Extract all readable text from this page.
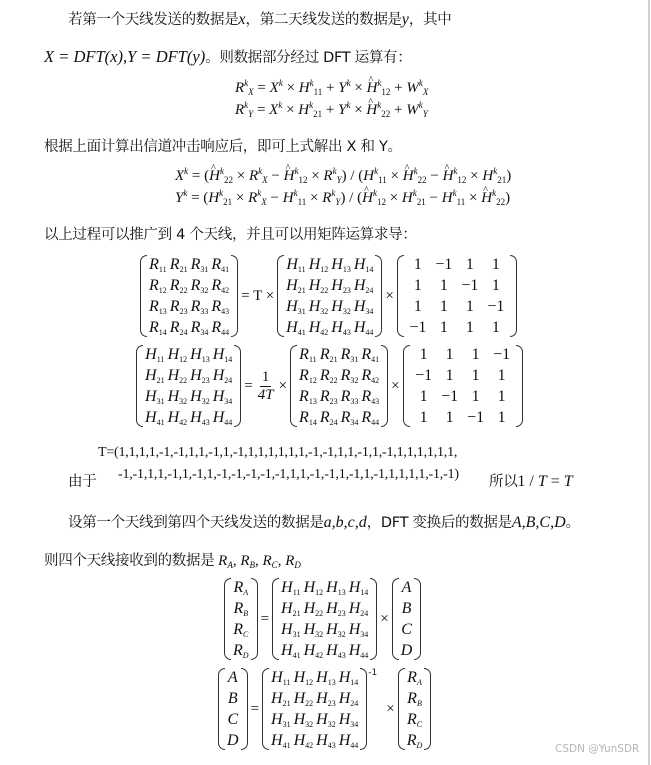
若第一个天线发送的数据是x，第二天线发送的数据是y，其中
X = DFT(x),Y = DFT(y)。则数据部分经过 DFT 运算有：
$R^k_X = X^k \times H^k_{11} + Y^k$ × ^ $H^k_{12} + W^k_X$
$R^k_Y = X^k \times H^k_{21} + Y^k$ × ^ $H^k_{22} + W^k_Y$
根据上面计算出信道冲击响应后，即可上式解出 X 和 Y。
$X^k$ = (^ $H^k_{22} \times R^k_X$ − ^ $H^k_{12} \times R^k_Y) / (H^k_{11}$ × ^ $H^k_{22}$ − ^ $H^k_{12} \times H^k_{21}$)
$Y^k = (H^k_{21} \times R^k_X - H^k_{11} \times R^k_Y)$ / (^ $H^k_{12} \times H^k_{21} - H^k_{11}$ × ^ $H^k_{22}$)
以上过程可以推广到 4 个天线，并且可以用矩阵运算求导：
$R_{11}$ $R_{21}$ $R_{31}$ $R_{41}$
$R_{12}$ $R_{22}$ $R_{32}$ $R_{42}$
$R_{13}$ $R_{23}$ $R_{33}$ $R_{43}$
$R_{14}$ $R_{24}$ $R_{34}$ $R_{44}$
= T ×
$H_{11}$ $H_{12}$ $H_{13}$ $H_{14}$
$H_{21}$ $H_{22}$ $H_{23}$ $H_{24}$
$H_{31}$ $H_{32}$ $H_{32}$ $H_{34}$
$H_{41}$ $H_{42}$ $H_{43}$ $H_{44}$
×
1 −1 1	1
1	1 −1 1
1	1	1 −1
−1 1	1	1
$H_{11}$ $H_{12}$ $H_{13}$ $H_{14}$
$H_{21}$ $H_{22}$ $H_{23}$ $H_{24}$
$H_{31}$ $H_{32}$ $H_{32}$ $H_{34}$
$H_{41}$ $H_{42}$ $H_{43}$ $H_{44}$
= $\frac{1}{4T}$ ×
$R_{11}$ $R_{21}$ $R_{31}$ $R_{41}$
$R_{12}$ $R_{22}$ $R_{32}$ $R_{42}$
$R_{13}$ $R_{23}$ $R_{33}$ $R_{43}$
$R_{14}$ $R_{24}$ $R_{34}$ $R_{44}$
×
1	1	1 −1
−1 1	1	1
1 −1 1	1
1	1 −1 1
T=(1,1,1,1,-1,-1,1,1,-1,1,-1,1,1,1,1,1,1,-1,-1,1,1,-1,1,-1,1,1,1,1,1,1,
由于 -1,-1,1,1,-1,1,-1,1,-1,-1,-1,-1,-1,1,1,-1,-1,1,-1,1,-1,1,1,1,1,-1,-1) 所以1 / T = T
设第一个天线到第四个天线发送的数据是a,b,c,d，DFT 变换后的数据是A,B,C,D。
则四个天线接收到的数据是 $R_A$, $R_B$, $R_C$, $R_D$
$R_A$
$R_B$
$R_C$
$R_D$
=
$H_{11}$ $H_{12}$ $H_{13}$ $H_{14}$
$H_{21}$ $H_{22}$ $H_{23}$ $H_{24}$
$H_{31}$ $H_{32}$ $H_{32}$ $H_{34}$
$H_{41}$ $H_{42}$ $H_{43}$ $H_{44}$
×
A
B
C
D
A
B
C
D
=
$H_{11}$ $H_{12}$ $H_{13}$ $H_{14}$
$H_{21}$ $H_{22}$ $H_{23}$ $H_{24}$
$H_{31}$ $H_{32}$ $H_{32}$ $H_{34}$
$H_{41}$ $H_{42}$ $H_{43}$ $H_{44}$
-1
×
$R_A$
$R_B$
$R_C$
$R_D$	CSDN @YunSDR
